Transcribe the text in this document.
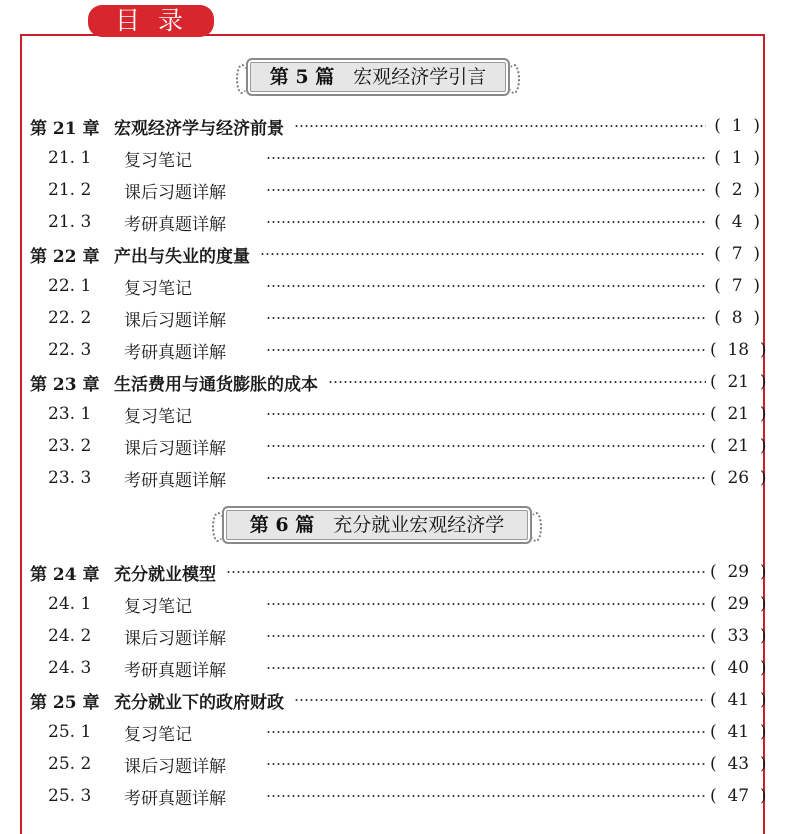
目录
第 5 篇　 宏观经济学引言
第 6 篇　 充分就业宏观经济学
第 21 章 宏观经济学与经济前景	(  1  )
21. 1	复习笔记	(  1  )
21. 2	课后习题详解	(  2  )
21. 3	考研真题详解	(  4  )
第 22 章 产出与失业的度量	(  7  )
22. 1	复习笔记	(  7  )
22. 2	课后习题详解	(  8  )
22. 3	考研真题详解	(  18  )
第 23 章 生活费用与通货膨胀的成本	(  21  )
23. 1	复习笔记	(  21  )
23. 2	课后习题详解	(  21  )
23. 3	考研真题详解	(  26  )
第 24 章 充分就业模型	(  29  )
24. 1	复习笔记	(  29  )
24. 2	课后习题详解	(  33  )
24. 3	考研真题详解	(  40  )
第 25 章 充分就业下的政府财政	(  41  )
25. 1	复习笔记	(  41  )
25. 2	课后习题详解	(  43  )
25. 3	考研真题详解	(  47  )
